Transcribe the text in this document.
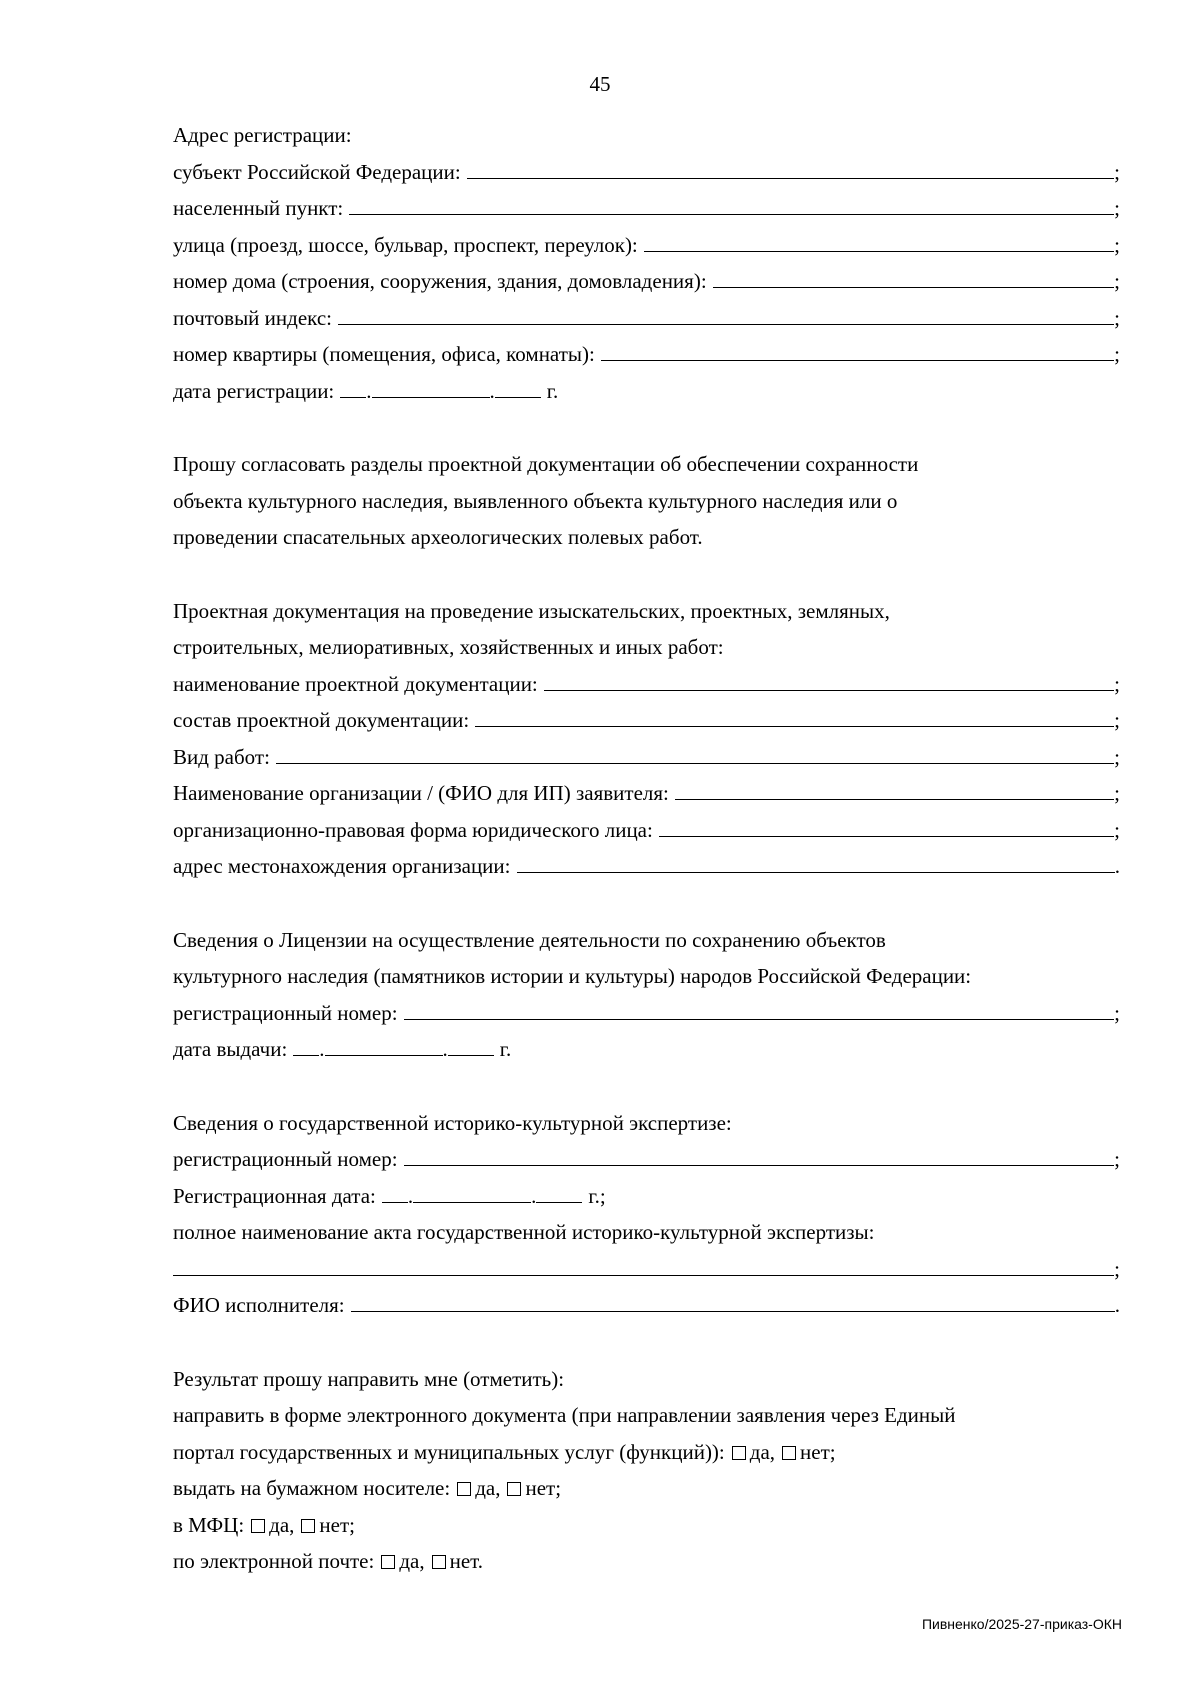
45
Адрес регистрации:
субъект Российской Федерации:	;
населенный пункт:	;
улица (проезд, шоссе, бульвар, проспект, переулок):	;
номер дома (строения, сооружения, здания, домовладения):	;
почтовый индекс:	;
номер квартиры (помещения, офиса, комнаты):	;
дата регистрации: .	. г.
Прошу согласовать разделы проектной документации об обеспечении сохранности
объекта культурного наследия, выявленного объекта культурного наследия или о
проведении спасательных археологических полевых работ.
Проектная документация на проведение изыскательских, проектных, земляных,
строительных, мелиоративных, хозяйственных и иных работ:
наименование проектной документации:	;
состав проектной документации:	;
Вид работ:	;
Наименование организации / (ФИО для ИП) заявителя:	;
организационно-правовая форма юридического лица:	;
адрес местонахождения организации:	.
Сведения о Лицензии на осуществление деятельности по сохранению объектов
культурного наследия (памятников истории и культуры) народов Российской Федерации:
регистрационный номер:	;
дата выдачи: .	. г.
Сведения о государственной историко-культурной экспертизе:
регистрационный номер:	;
Регистрационная дата: .	. г.;
полное наименование акта государственной историко-культурной экспертизы:
;
ФИО исполнителя:	.
Результат прошу направить мне (отметить):
направить в форме электронного документа (при направлении заявления через Единый
портал государственных и муниципальных услуг (функций)): да, нет;
выдать на бумажном носителе: да, нет;
в МФЦ: да, нет;
по электронной почте: да, нет.
Пивненко/2025-27-приказ-ОКН
